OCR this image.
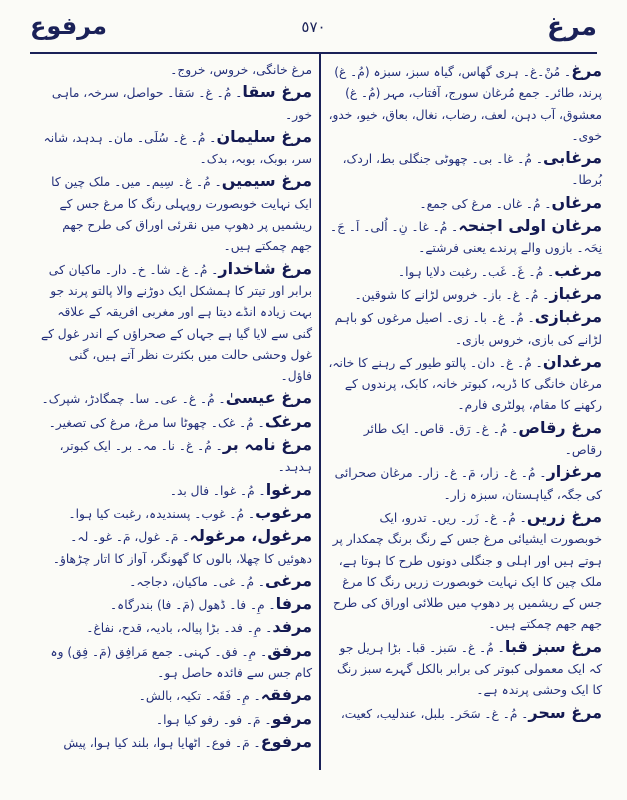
مرغ
٥٧٠
مرفوع

مرغ۔ مُنْ۔غ۔ ہری گھاس، گیاہ سبز، سبزہ (مُ۔ غ) پرند، طائر۔ جمع مُرغان سورج، آفتاب، مہر (مُ۔ غ) معشوق، آب دہن، لعف، رضاب، نغال، بعاق، خیو، خدو، خوی۔

مرغابی۔ مُ۔ غا۔ بی۔ چھوٹی جنگلی بط، اردک، بُرطا۔

مرغاں۔ مُ۔ غاں۔ مرغ کی جمع۔

مرغان اولی اجنحہ۔ مُ۔ غا۔ نِ۔ اُلی۔ اَ۔ جَ۔ نِحَہ۔ بازوں والے پرندے یعنی فرشتے۔

مرغب۔ مُ۔ غَ۔ غَب۔ رغبت دلایا ہوا۔

مرغباز۔ مُ۔ غ۔ باز۔ خروس لڑانے کا شوقین۔

مرغبازی۔ مُ۔ غ۔ با۔ زی۔ اصیل مرغوں کو باہم لڑانے کی بازی، خروس بازی۔

مرغدان۔ مُ۔ غ۔ دان۔ پالتو طیور کے رہنے کا خانہ، مرغان خانگی کا ڈربہ، کبوتر خانہ، کابک، پرندوں کے رکھنے کا مقام، پولٹری فارم۔

مرغ رقاص۔ مُ۔ غ۔ رَق۔ قاص۔ ایک طائر رقاص۔

مرغزار۔ مُ۔ غ۔ زار، مَ۔ غ۔ زار۔ مرغان صحرائی کی جگہ، گیاہستان، سبزہ زار۔

مرغ زریں۔ مُ۔ غ۔ زَر۔ ریں۔ تدرو، ایک خوبصورت ایشیائی مرغ جس کے رنگ برنگ چمکدار پر ہوتے ہیں اور اہلی و جنگلی دونوں طرح کا ہوتا ہے، ملک چین کا ایک نہایت خوبصورت زریں رنگ کا مرغ جس کے ریشمیں پر دھوپ میں طلائی اوراق کی طرح جھم جھم چمکتے ہیں۔

مرغ سبز قبا۔ مُ۔ غ۔ سَبز۔ قبا۔ بڑا ہریل جو کہ ایک معمولی کبوتر کی برابر بالکل گہرے سبز رنگ کا ایک وحشی پرندہ ہے۔

مرغ سحر۔ مُ۔ غ۔ سَحَر۔ بلبل، عندلیب، کعیت،

مرغ خانگی، خروس، خروج۔

مرغ سقا۔ مُ۔ غ۔ سَقا۔ حواصل، سرخہ، ماہی خور۔

مرغ سلیمان۔ مُ۔ غ۔ سُلَی۔ مان۔ ہدہد، شانہ سر، بوبک، بوبہ، بدک۔

مرغ سیمیں۔ مُ۔ غ۔ سِیم۔ میں۔ ملک چین کا ایک نہایت خوبصورت روپہلی رنگ کا مرغ جس کے ریشمیں پر دھوپ میں نقرئی اوراق کی طرح جھم جھم چمکتے ہیں۔

مرغ شاخدار۔ مُ۔ غ۔ شا۔ خ۔ دار۔ ماکیان کی برابر اور تیتر کا ہمشکل ایک دوڑنے والا پالتو پرند جو بہت زیادہ انڈے دیتا ہے اور مغربی افریقہ کے علاقہ گنی سے لایا گیا ہے جہاں کے صحراؤں کے اندر غول کے غول وحشی حالت میں بکثرت نظر آتے ہیں، گنی فاؤل۔

مرغ عیسیٰ۔ مُ۔ غ۔ عی۔ سا۔ چمگادڑ، شپرک۔

مرغک۔ مُ۔ غک۔ چھوٹا سا مرغ، مرغ کی تصغیر۔

مرغ نامہ بر۔ مُ۔ غ۔ نا۔ مہ۔ بر۔ ایک کبوتر، ہدہد۔

مرغوا۔ مُ۔ غوا۔ فال بد۔

مرغوب۔ مُ۔ غوب۔ پسندیدہ، رغبت کیا ہوا۔

مرغول، مرغولہ۔ مَ۔ غول، مَ۔ غو۔ لہ۔ دھوئیں کا چھلا، بالوں کا گھونگر، آواز کا اتار چڑھاؤ۔

مرغی۔ مُ۔ غی۔ ماکیان، دجاجہ۔

مرفا۔ مِ۔ فا۔ ڈھول (مَ۔ فا) بندرگاہ۔

مرفد۔ مِ۔ فد۔ بڑا پیالہ، بادیہ، قدح، نفاغ۔

مرفق۔ مِ۔ فق۔ کہنی۔ جمع مَرافِق (مَ۔ فِق) وہ کام جس سے فائدہ حاصل ہو۔

مرفقہ۔ مِ۔ فَقَہ۔ تکیہ، بالش۔

مرفو۔ مَ۔ فو۔ رفو کیا ہوا۔

مرفوع۔ مَ۔ فوع۔ اٹھایا ہوا، بلند کیا ہوا، پیش
